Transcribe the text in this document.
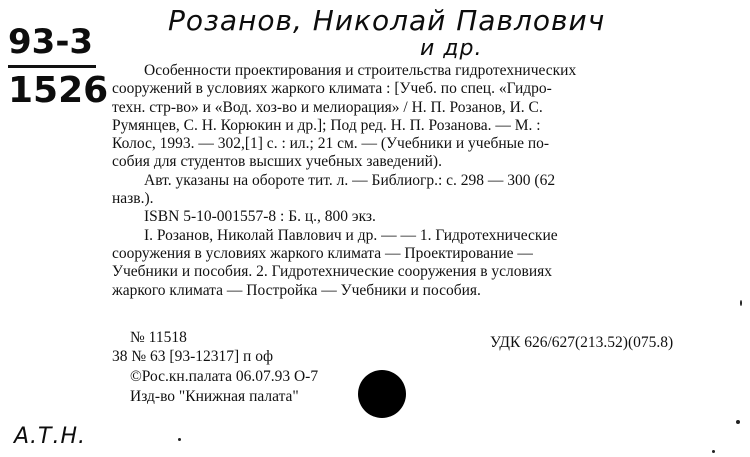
93-3
1526
Розанов, Николай Павлович
и др.
Особенности проектирования и строительства гидротехнических
сооружений в условиях жаркого климата : [Учеб. по спец. «Гидро-
техн. стр-во» и «Вод. хоз-во и мелиорация» / Н. П. Розанов, И. С.
Румянцев, С. Н. Корюкин и др.]; Под ред. Н. П. Розанова. — М. :
Колос, 1993. — 302,[1] с. : ил.; 21 см. — (Учебники и учебные по-
собия для студентов высших учебных заведений).
Авт. указаны на обороте тит. л. — Библиогр.: с. 298 — 300 (62
назв.).
ISBN 5-10-001557-8 : Б. ц., 800 экз.
I. Розанов, Николай Павлович и др. — — 1. Гидротехнические
сооружения в условиях жаркого климата — Проектирование —
Учебники и пособия. 2. Гидротехнические сооружения в условиях
жаркого климата — Постройка — Учебники и пособия.
№ 11518
38 № 63 [93-12317] п оф
©Рос.кн.палата 06.07.93 О-7
Изд-во "Книжная палата"
УДК 626/627(213.52)(075.8)
А.Т.Н.
